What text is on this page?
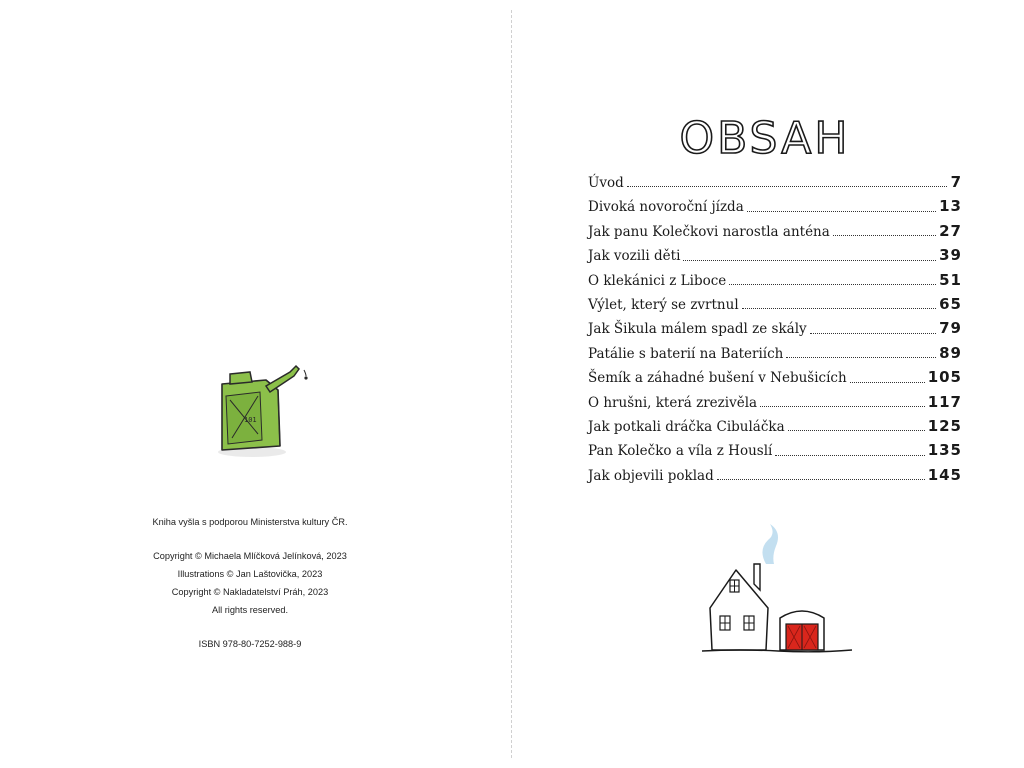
101
Kniha vyšla s podporou Ministerstva kultury ČR.
Copyright © Michaela Mlíčková Jelínková, 2023
Illustrations © Jan Laštovička, 2023
Copyright © Nakladatelství Práh, 2023
All rights reserved.
ISBN 978-80-7252-988-9
OBSAH
Úvod	7
Divoká novoroční jízda	13
Jak panu Kolečkovi narostla anténa	27
Jak vozili děti	39
O klekánici z Liboce	51
Výlet, který se zvrtnul	65
Jak Šikula málem spadl ze skály	79
Patálie s baterií na Bateriích	89
Šemík a záhadné bušení v Nebušicích	105
O hrušni, která zrezivěla	117
Jak potkali dráčka Cibuláčka	125
Pan Kolečko a víla z Houslí	135
Jak objevili poklad	145
